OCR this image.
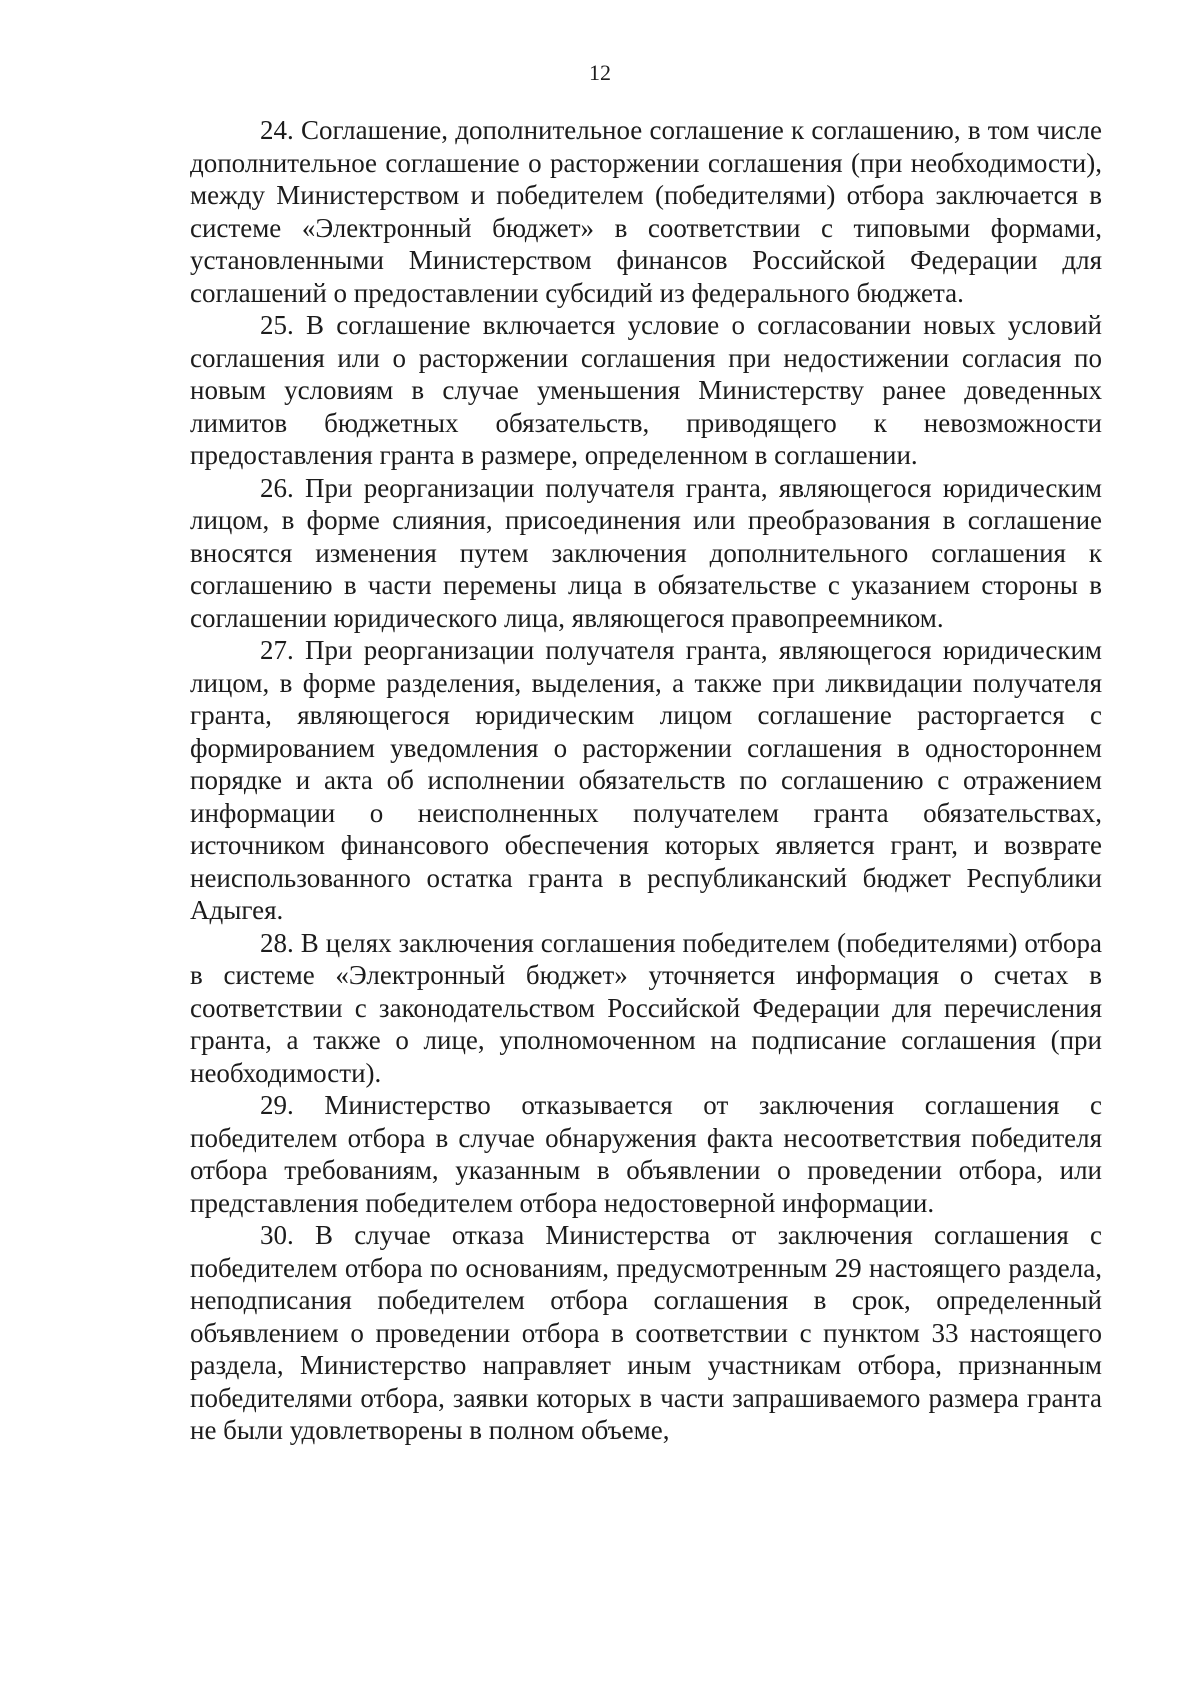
12

24. Соглашение, дополнительное соглашение к соглашению, в том числе дополнительное соглашение о расторжении соглашения (при необходимости), между Министерством и победителем (победителями) отбора заключается в системе «Электронный бюджет» в соответствии с типовыми формами, установленными Министерством финансов Российской Федерации для соглашений о предоставлении субсидий из федерального бюджета.

25. В соглашение включается условие о согласовании новых условий соглашения или о расторжении соглашения при недостижении согласия по новым условиям в случае уменьшения Министерству ранее доведенных лимитов бюджетных обязательств, приводящего к невозможности предоставления гранта в размере, определенном в соглашении.

26. При реорганизации получателя гранта, являющегося юридическим лицом, в форме слияния, присоединения или преобразования в соглашение вносятся изменения путем заключения дополнительного соглашения к соглашению в части перемены лица в обязательстве с указанием стороны в соглашении юридического лица, являющегося правопреемником.

27. При реорганизации получателя гранта, являющегося юридическим лицом, в форме разделения, выделения, а также при ликвидации получателя гранта, являющегося юридическим лицом соглашение расторгается с формированием уведомления о расторжении соглашения в одностороннем порядке и акта об исполнении обязательств по соглашению с отражением информации о неисполненных получателем гранта обязательствах, источником финансового обеспечения которых является грант, и возврате неиспользованного остатка гранта в республиканский бюджет Республики Адыгея.

28. В целях заключения соглашения победителем (победителями) отбора в системе «Электронный бюджет» уточняется информация о счетах в соответствии с законодательством Российской Федерации для перечисления гранта, а также о лице, уполномоченном на подписание соглашения (при необходимости).

29. Министерство отказывается от заключения соглашения с победителем отбора в случае обнаружения факта несоответствия победителя отбора требованиям, указанным в объявлении о проведении отбора, или представления победителем отбора недостоверной информации.

30. В случае отказа Министерства от заключения соглашения с победителем отбора по основаниям, предусмотренным 29 настоящего раздела, неподписания победителем отбора соглашения в срок, определенный объявлением о проведении отбора в соответствии с пунктом 33 настоящего раздела, Министерство направляет иным участникам отбора, признанным победителями отбора, заявки которых в части запрашиваемого размера гранта не были удовлетворены в полном объеме,
